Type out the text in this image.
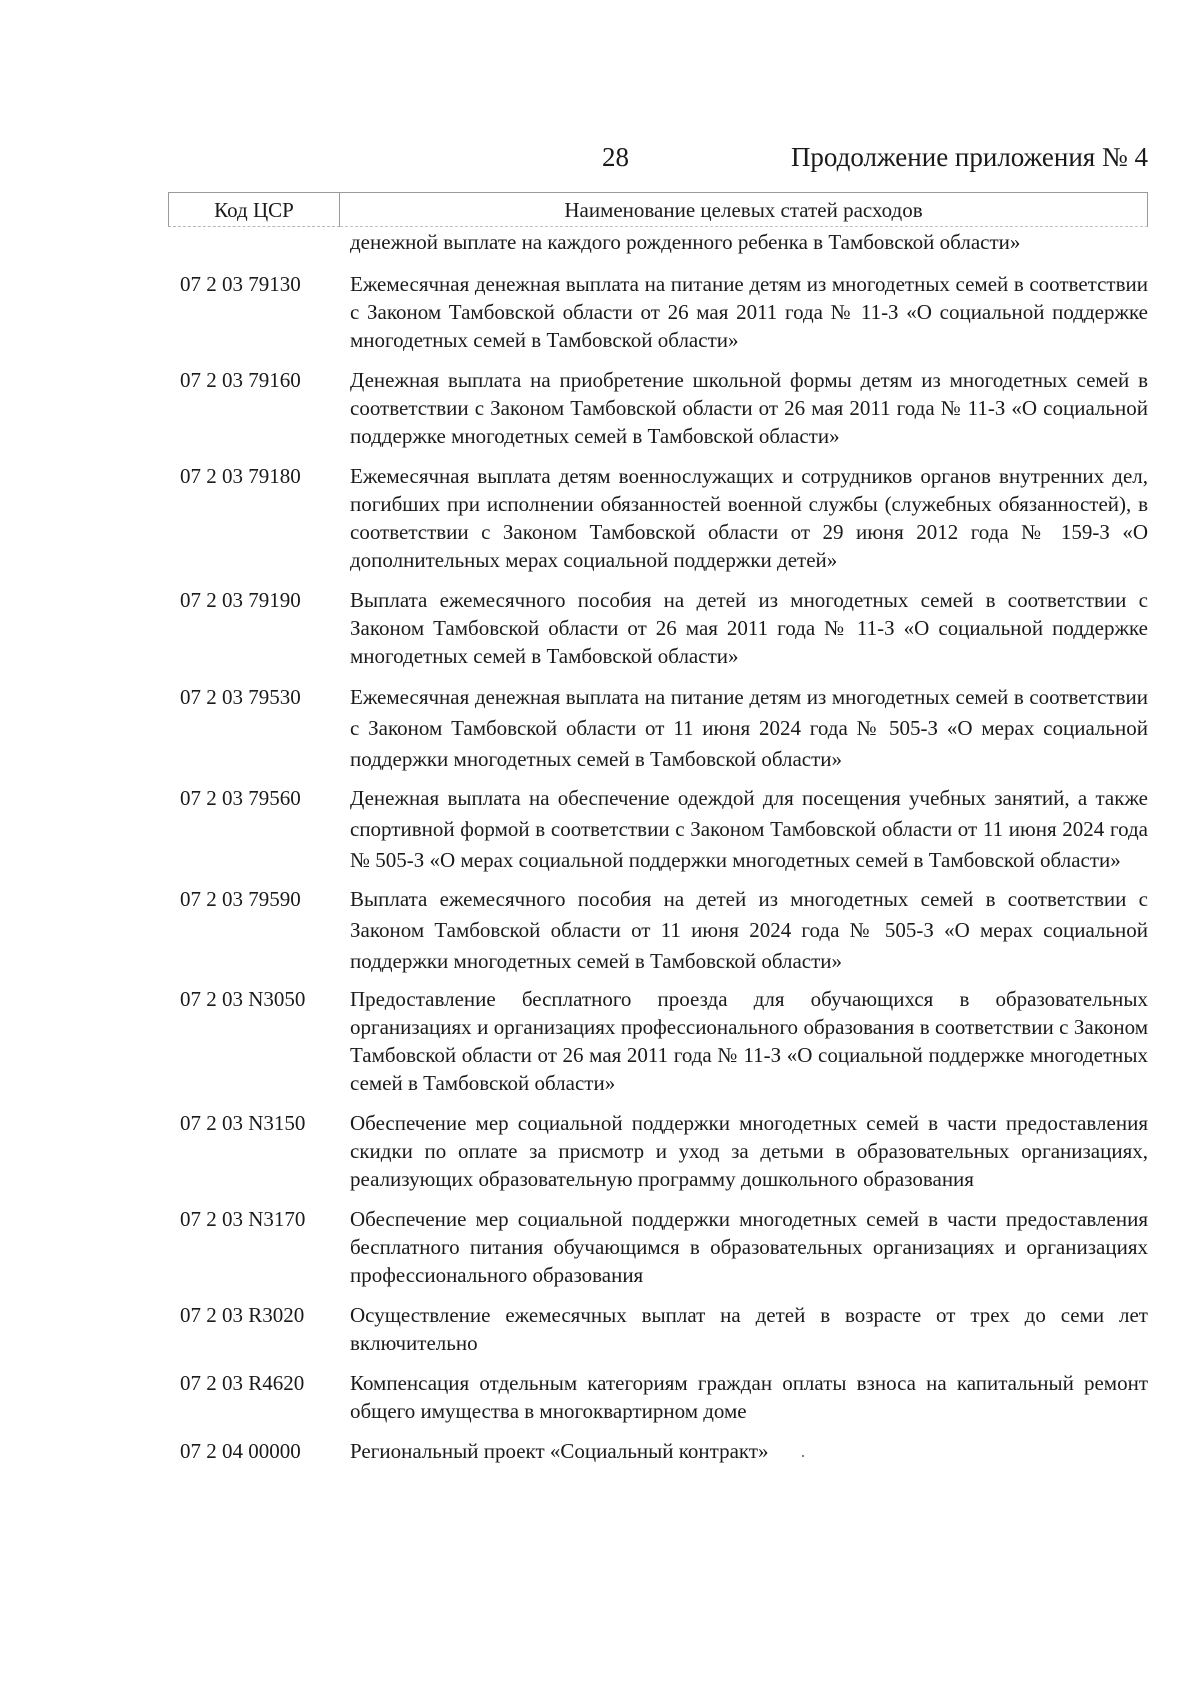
28	Продолжение приложения № 4
Код ЦСР	Наименование целевых статей расходов
денежной выплате на каждого рожденного ребенка в Тамбовской области»
07 2 03 79130	Ежемесячная денежная выплата на питание детям из многодетных семей в соответствии с Законом Тамбовской области от 26 мая 2011 года № 11-З «О социальной поддержке многодетных семей в Тамбовской области»
07 2 03 79160	Денежная выплата на приобретение школьной формы детям из многодетных семей в соответствии с Законом Тамбовской области от 26 мая 2011 года № 11-З «О социальной поддержке многодетных семей в Тамбовской области»
07 2 03 79180	Ежемесячная выплата детям военнослужащих и сотрудников органов внутренних дел, погибших при исполнении обязанностей военной службы (служебных обязанностей), в соответствии с Законом Тамбовской области от 29 июня 2012 года № 159-З «О дополнительных мерах социальной поддержки детей»
07 2 03 79190	Выплата ежемесячного пособия на детей из многодетных семей в соответствии с Законом Тамбовской области от 26 мая 2011 года № 11-З «О социальной поддержке многодетных семей в Тамбовской области»
07 2 03 79530	Ежемесячная денежная выплата на питание детям из многодетных семей в соответствии с Законом Тамбовской области от 11 июня 2024 года № 505-З «О мерах социальной поддержки многодетных семей в Тамбовской области»
07 2 03 79560	Денежная выплата на обеспечение одеждой для посещения учебных занятий, а также спортивной формой в соответствии с Законом Тамбовской области от 11 июня 2024 года № 505-З «О мерах социальной поддержки многодетных семей в Тамбовской области»
07 2 03 79590	Выплата ежемесячного пособия на детей из многодетных семей в соответствии с Законом Тамбовской области от 11 июня 2024 года № 505-З «О мерах социальной поддержки многодетных семей в Тамбовской области»
07 2 03 N3050	Предоставление бесплатного проезда для обучающихся в образовательных организациях и организациях профессионального образования в соответствии с Законом Тамбовской области от 26 мая 2011 года № 11-З «О социальной поддержке многодетных семей в Тамбовской области»
07 2 03 N3150	Обеспечение мер социальной поддержки многодетных семей в части предоставления скидки по оплате за присмотр и уход за детьми в образовательных организациях, реализующих образовательную программу дошкольного образования
07 2 03 N3170	Обеспечение мер социальной поддержки многодетных семей в части предоставления бесплатного питания обучающимся в образовательных организациях и организациях профессионального образования
07 2 03 R3020	Осуществление ежемесячных выплат на детей в возрасте от трех до семи лет включительно
07 2 03 R4620	Компенсация отдельным категориям граждан оплаты взноса на капитальный ремонт общего имущества в многоквартирном доме
07 2 04 00000	Региональный проект «Социальный контракт»
